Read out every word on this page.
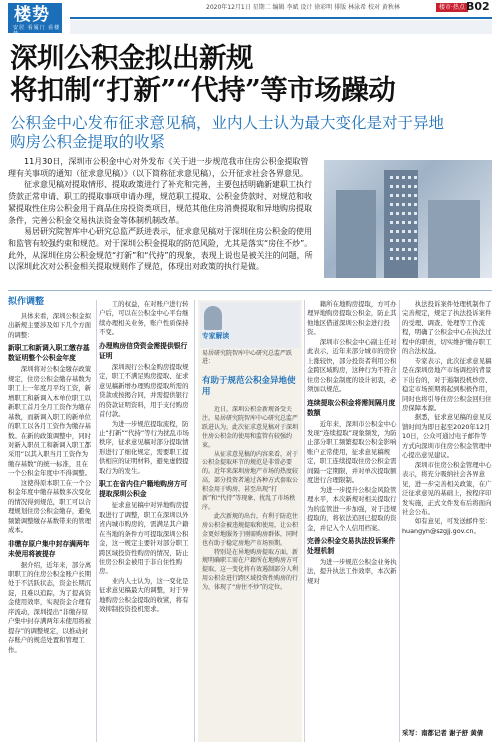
楼势
安居 看厦门 看楼势
2020年12月1日 星期二 编辑 李斌 设计 徐彩明 排版 林泳希 校对 黄秋林	楼市·热点 B02
深圳公积金拟出新规
将扣制“打新”“代持”等市场躁动
公积金中心发布征求意见稿，业内人士认为最大变化是对于异地
购房公积金提取的收紧

11月30日，深圳市公积金中心对外发布《关于进一步规范我市住房公积金提取管理有关事项的通知（征求意见稿）》（以下简称征求意见稿），公开征求社会各界意见。

征求意见稿对提取情形、提取政策进行了补充和完善，主要包括明确新建职工执行贷款正常申请、职工的提取事项申请办理，规范职工提取、公积金贷款时、对规范和收紧提取性住房公积金用于商品住房投资类项目，规范其他住房消费提取和异地购房提取条件，完善公积金交易执法资金等体制机制改革。

易居研究院智库中心研究总监严跃进表示，征求意见稿对于深圳住房公积金的使用和监管有较强约束和规范。对于深圳公积金提取的防范风险，尤其是落实“房住不炒”。此外，从深圳住房公积金规范“打新”和“代持”的现象，表现上说也是被关注的问题，所以深圳此次对公积金相关提取规则作了规范，体现出对政策的执行是做。

拟作调整

具体来看，深圳公积金拟出新规主要涉及如下几个方面的调整：

新职工和新调入职工缴存基数证明整个公积金年度

深圳将对公积金缴存政策规定，住房公积金缴存基数为职工上一年度月平均工资，新增职工和新调入本单位职工以新职工首月全月工资作为缴存基数，而新调入职工的新单位的职工以各月工资作为缴存基数。在新的政策调整中，同时对新入职员工和新调入职工都采用“以其入职当月工资作为缴存基数”的统一标准，且在一个公积金年度中不得调整。

这使得原本职工在一个公积金年度中缴存基数多次变化的情况得到规范，职工可以合理规划住房公积金缴存，避免频繁调整缴存基数带来的管理成本。

非缴存原户集中封存满两年未使用将被提存

据介绍，近年来，部分离职职工的住房公积金账户长期处于不活跃状态，资金长期沉淀，且难以追踪，为了提高资金使用效率，实现资金合理有序流动，深圳提出“非缴存原户集中封存满两年未使用将被提存”的调整规定，以推动封存账户的规范处置和管理工作。

工的权益，在对账户进行转户后，可以在公积金中心平台继续办理相关业务，账户性质保持不变。

办理购房信贷资金需提供银行证明

深圳现行公积金购房提取规定，职工不满足购房提取、征求意见稿新增办理购房提取所需的贷款或按揭合同，并需提供银行的贷款证明资料，用于支付购房首付款。

为进一步规范提取流程，防止“打新”“代持”等行为扰乱市场秩序，征求意见稿对部分提取情形进行了细化规定，需要职工提供相应的证明材料，避免虚假提取行为的发生。

职工在省内住户籍地购房方可提取深圳公积金

征求意见稿中对异地购房提取进行了调整，职工在深圳以外省内城市购房的，需满足其户籍在当地的条件方可提取深圳公积金，这一规定主要针对部分职工跨区域投资性购房的情况，防止住房公积金被用于非自住性购房。

业内人士认为，这一变化是征求意见稿最大的调整，对于异地购房公积金提取的收紧，将有效抑制投资投机需求。

专家解读
易居研究院智库中心研究总监严跃进：
有助于规范公积金异地使用

近日，深圳公积金新规备受关注。易居研究院智库中心研究总监严跃进认为，此次征求意见稿对于深圳住房公积金的使用和监管有较强约束。

从征求意见稿的内容来看，对于公积金提取环节的规范是非常必要的。近年来深圳房地产市场的热度较高，部分投资者通过各种方式套取公积金用于购房，甚至出现“打新”和“代持”等现象，扰乱了市场秩序。

此次新规的出台，有利于防范住房公积金被违规提取和使用，让公积金更好地服务于刚需购房群体，同时也有助于稳定房地产市场预期。

特别是在异地购房提取方面，新规明确职工需在户籍所在地购房方可提取，这一变化将有效遏制部分人利用公积金进行跨区域投资性购房的行为，体现了“房住不炒”的定位。

籍所在地购房提取，方可办理异地购房提取公积金，防止其他地区借道深圳公积金进行投资。

深圳市公积金中心副主任对此表示，近年来部分城市的房价上涨较快，部分投资者利用公积金跨区域购房，这种行为不符合住房公积金制度的设计初衷，必须加以规范。

连续提取公积金将需间隔月度数额

近年来，深圳市公积金中心发现“连续提取”现象频发，为防止部分职工频繁提取公积金影响账户正常使用，征求意见稿规定，职工连续提取住房公积金需间隔一定期限，并对单次提取额度进行合理限制。

为进一步提升公积金风险管理水平，本次新规对相关提取行为的监管进一步加强，对于违规提取的，将依法追回已提取的资金，并记入个人信用档案。

完善公积金交易执法投诉案件处理机制

为进一步规范公积金业务执法，提升执法工作效率，本次新规对

执法投诉案件处理机制作了完善规定，规定了执法投诉案件的受理、调查、处理等工作流程，明确了公积金中心在执法过程中的职责，切实维护缴存职工的合法权益。

专家表示，此次征求意见稿是在深圳房地产市场调控的背景下出台的，对于遏制投机炒房、稳定市场预期将起到积极作用，同时也将引导住房公积金回归住房保障本源。

据悉，征求意见稿的意见反馈时间为即日起至2020年12月10日，公众可通过电子邮件等方式向深圳市住房公积金管理中心提出意见建议。

深圳市住房公积金管理中心表示，将充分吸纳社会各界意见，进一步完善相关政策，在广泛征求意见的基础上，按程序印发实施，正式文件发布后将面向社会公布。

如有意见，可发送邮件至：huangyn@szgjj.gov.cn。

采写：南都记者 谢子舒 黄倩
